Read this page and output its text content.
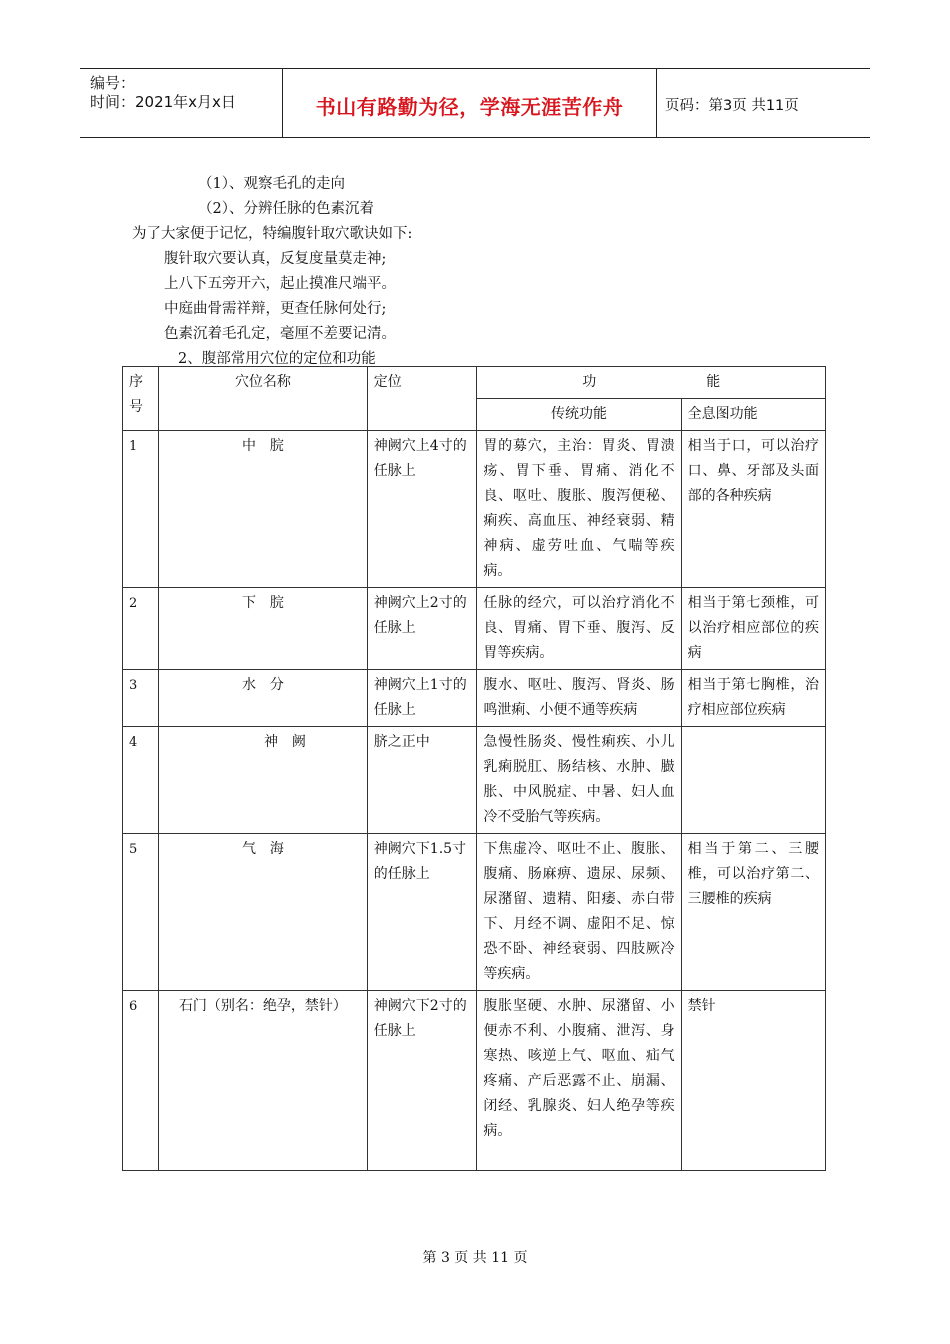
编号：
时间：2021年x月x日	书山有路勤为径，学海无涯苦作舟	页码：第3页 共11页
（1）、观察毛孔的走向
（2）、分辨任脉的色素沉着
为了大家便于记忆，特编腹针取穴歌诀如下:
腹针取穴要认真，反复度量莫走神;
上八下五旁开六，起止摸准尺端平。
中庭曲骨需祥辩，更查任脉何处行;
色素沉着毛孔定，毫厘不差要记清。
2、腹部常用穴位的定位和功能
序号	穴位名称	定位	功 能	
			传统功能	全息图功能
1	中　脘	神阙穴上4寸的任脉上	胃的募穴，主治：胃炎、胃溃疡、胃下垂、胃痛、消化不良、呕吐、腹胀、腹泻便秘、痢疾、高血压、神经衰弱、精神病、虚劳吐血、气喘等疾病。	相当于口，可以治疗口、鼻、牙部及头面部的各种疾病
2	下　脘	神阙穴上2寸的任脉上	任脉的经穴，可以治疗消化不良、胃痛、胃下垂、腹泻、反胃等疾病。	相当于第七颈椎，可以治疗相应部位的疾病
3	水　分	神阙穴上1寸的任脉上	腹水、呕吐、腹泻、肾炎、肠鸣泄痢、小便不通等疾病	相当于第七胸椎，治疗相应部位疾病
4	神　阙	脐之正中	急慢性肠炎、慢性痢疾、小儿乳痢脱肛、肠结核、水肿、臌胀、中风脱症、中暑、妇人血冷不受胎气等疾病。	
5	气　海	神阙穴下1.5寸的任脉上	下焦虚冷、呕吐不止、腹胀、腹痛、肠麻痹、遗尿、尿频、尿潴留、遗精、阳痿、赤白带下、月经不调、虚阳不足、惊恐不卧、神经衰弱、四肢厥冷等疾病。	相当于第二、三腰椎，可以治疗第二、三腰椎的疾病
6	石门（别名：绝孕，禁针）	神阙穴下2寸的任脉上	腹胀坚硬、水肿、尿潴留、小便赤不利、小腹痛、泄泻、身寒热、咳逆上气、呕血、疝气疼痛、产后恶露不止、崩漏、闭经、乳腺炎、妇人绝孕等疾病。	禁针
第 3 页 共 11 页
